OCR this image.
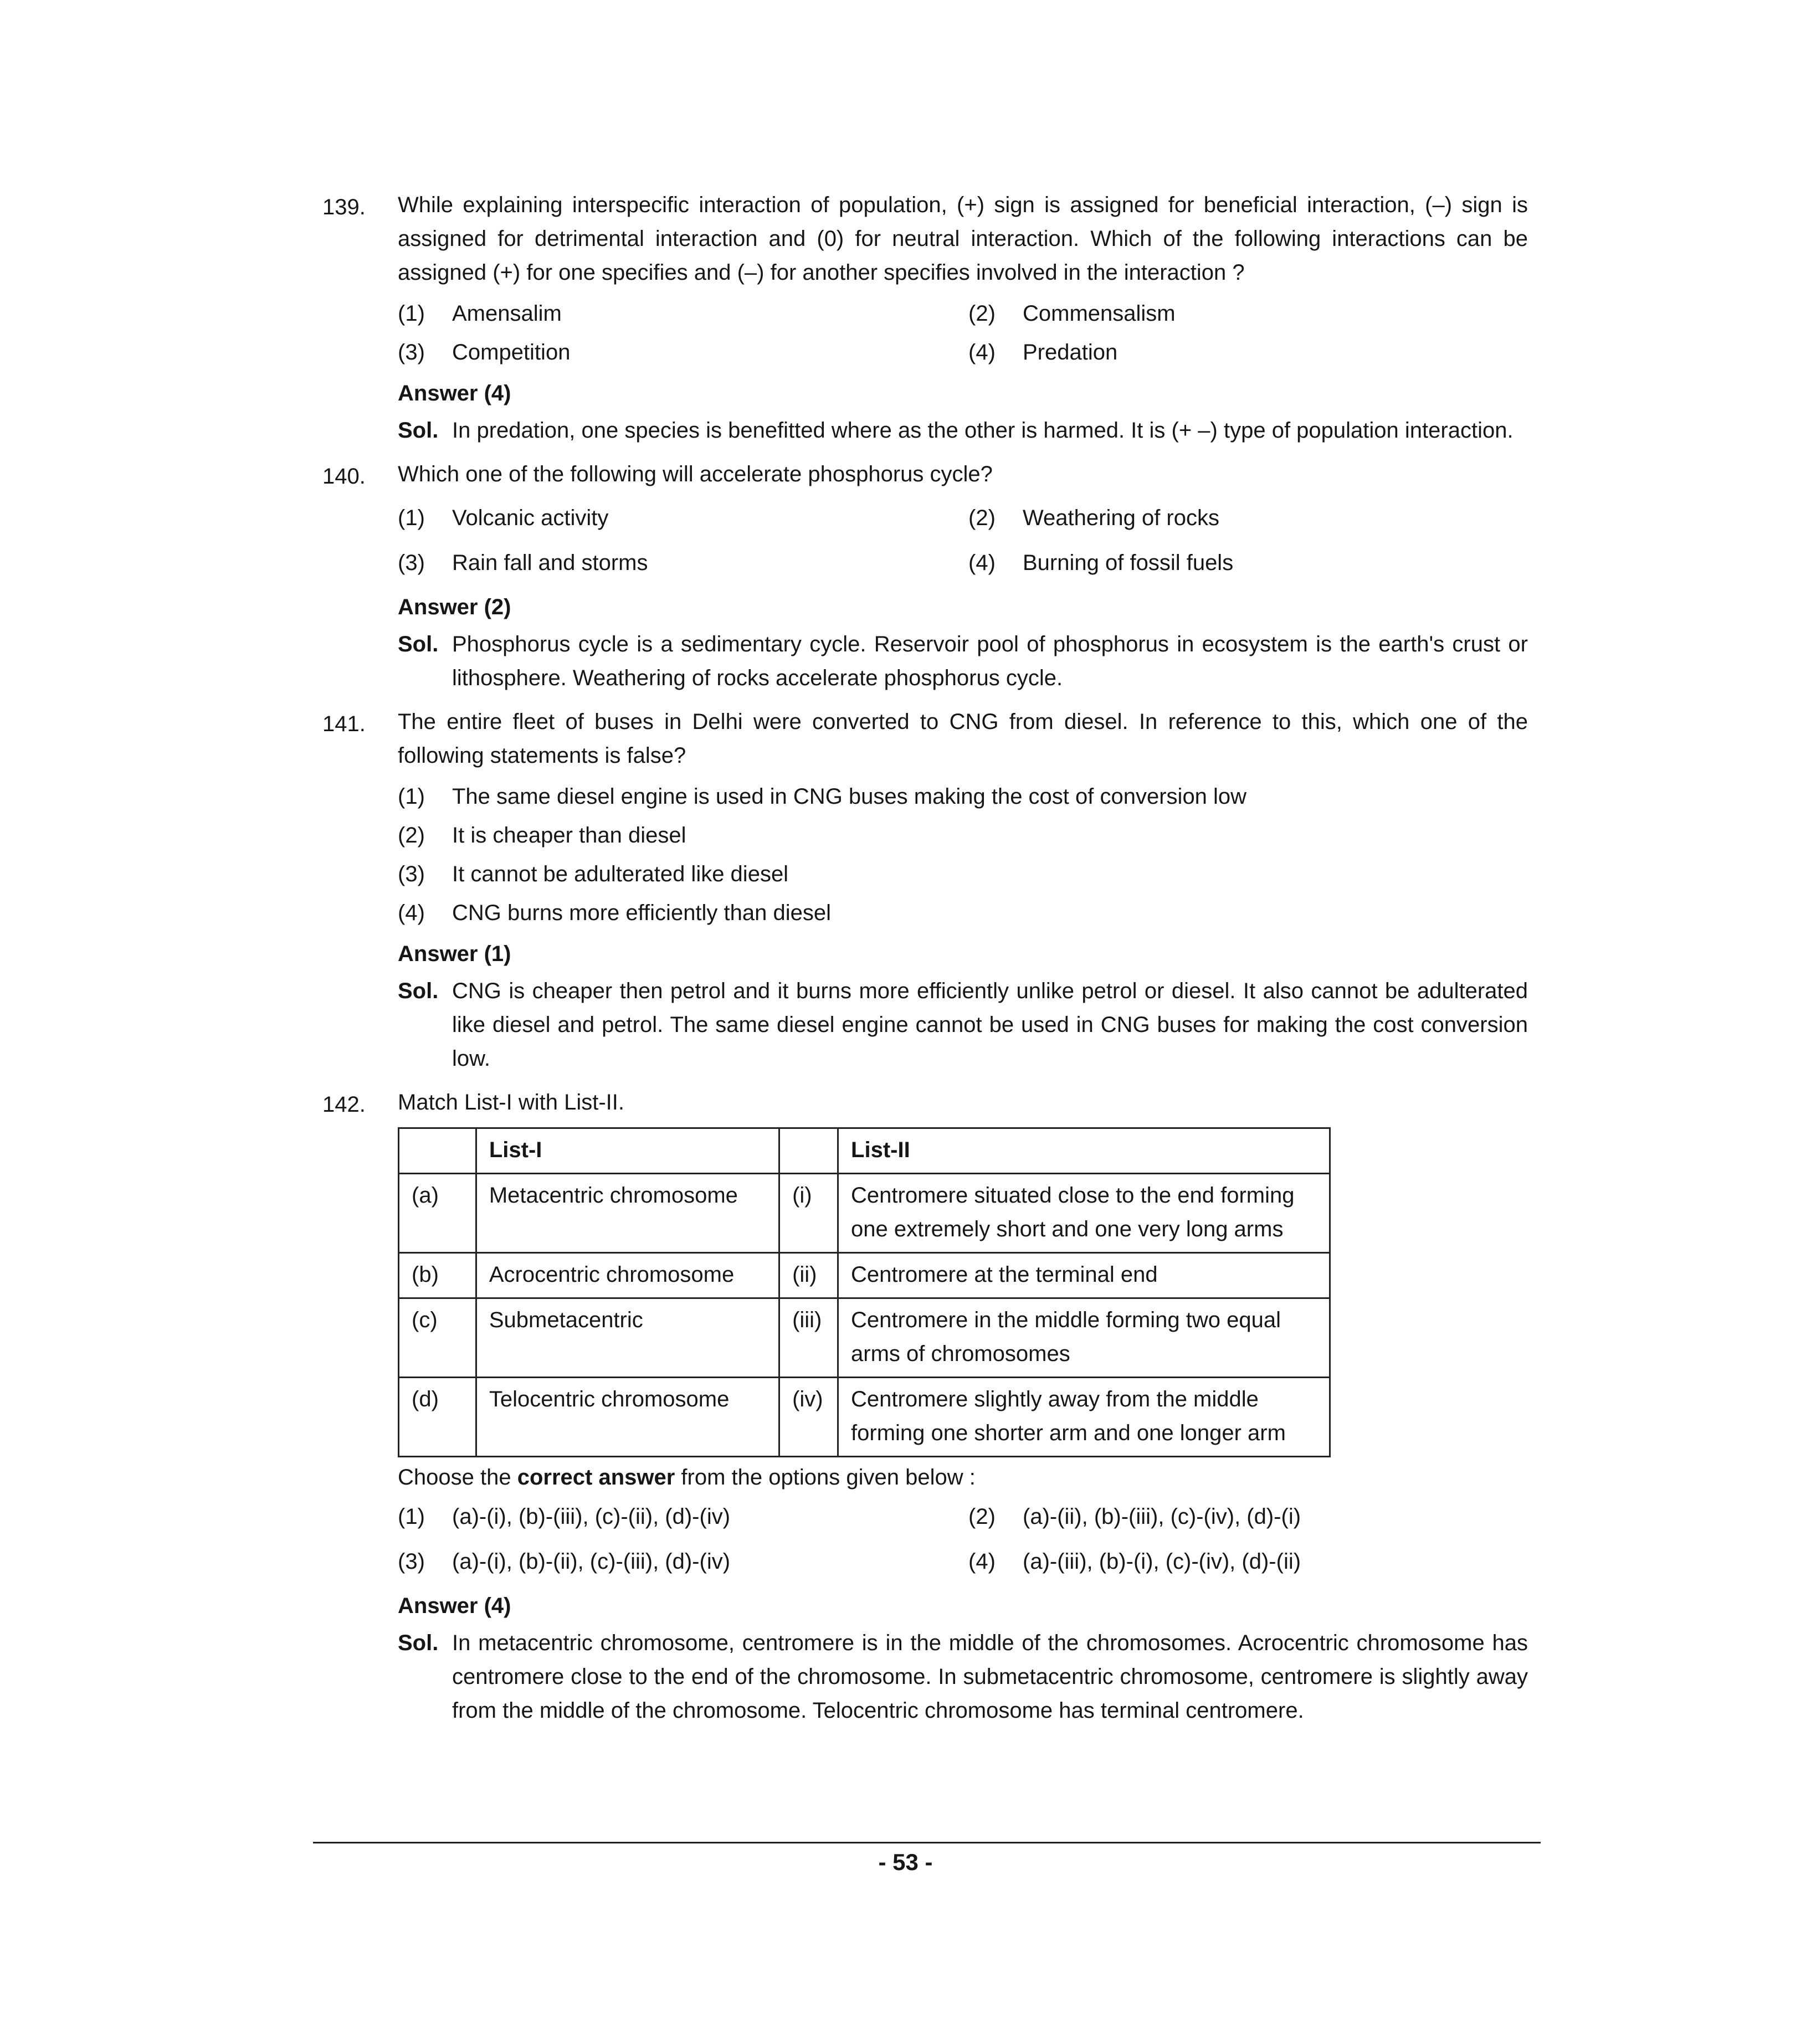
139.	While explaining interspecific interaction of population, (+) sign is assigned for beneficial interaction, (–) sign is assigned for detrimental interaction and (0) for neutral interaction. Which of the following interactions can be assigned (+) for one specifies and (–) for another specifies involved in the interaction ?
(1)	Amensalim	(2)	Commensalism
(3)	Competition	(4)	Predation
Answer (4)
Sol. In predation, one species is benefitted where as the other is harmed. It is (+ –) type of population interaction.
140.	Which one of the following will accelerate phosphorus cycle?
(1)	Volcanic activity	(2)	Weathering of rocks
(3)	Rain fall and storms	(4)	Burning of fossil fuels
Answer (2)
Sol. Phosphorus cycle is a sedimentary cycle. Reservoir pool of phosphorus in ecosystem is the earth's crust or lithosphere. Weathering of rocks accelerate phosphorus cycle.
141.	The entire fleet of buses in Delhi were converted to CNG from diesel. In reference to this, which one of the following statements is false?
(1)	The same diesel engine is used in CNG buses making the cost of conversion low
(2)	It is cheaper than diesel
(3)	It cannot be adulterated like diesel
(4)	CNG burns more efficiently than diesel
Answer (1)
Sol. CNG is cheaper then petrol and it burns more efficiently unlike petrol or diesel. It also cannot be adulterated like diesel and petrol. The same diesel engine cannot be used in CNG buses for making the cost conversion low.
142.	Match List-I with List-II.
	List-I		List-II
(a)	Metacentric chromosome	(i)	Centromere situated close to the end forming one extremely short and one very long arms
(b)	Acrocentric chromosome	(ii)	Centromere at the terminal end
(c)	Submetacentric	(iii)	Centromere in the middle forming two equal arms of chromosomes
(d)	Telocentric chromosome	(iv)	Centromere slightly away from the middle forming one shorter arm and one longer arm
Choose the correct answer from the options given below :
(1)	(a)-(i), (b)-(iii), (c)-(ii), (d)-(iv)	(2)	(a)-(ii), (b)-(iii), (c)-(iv), (d)-(i)
(3)	(a)-(i), (b)-(ii), (c)-(iii), (d)-(iv)	(4)	(a)-(iii), (b)-(i), (c)-(iv), (d)-(ii)
Answer (4)
Sol. In metacentric chromosome, centromere is in the middle of the chromosomes. Acrocentric chromosome has centromere close to the end of the chromosome. In submetacentric chromosome, centromere is slightly away from the middle of the chromosome. Telocentric chromosome has terminal centromere.
- 53 -
